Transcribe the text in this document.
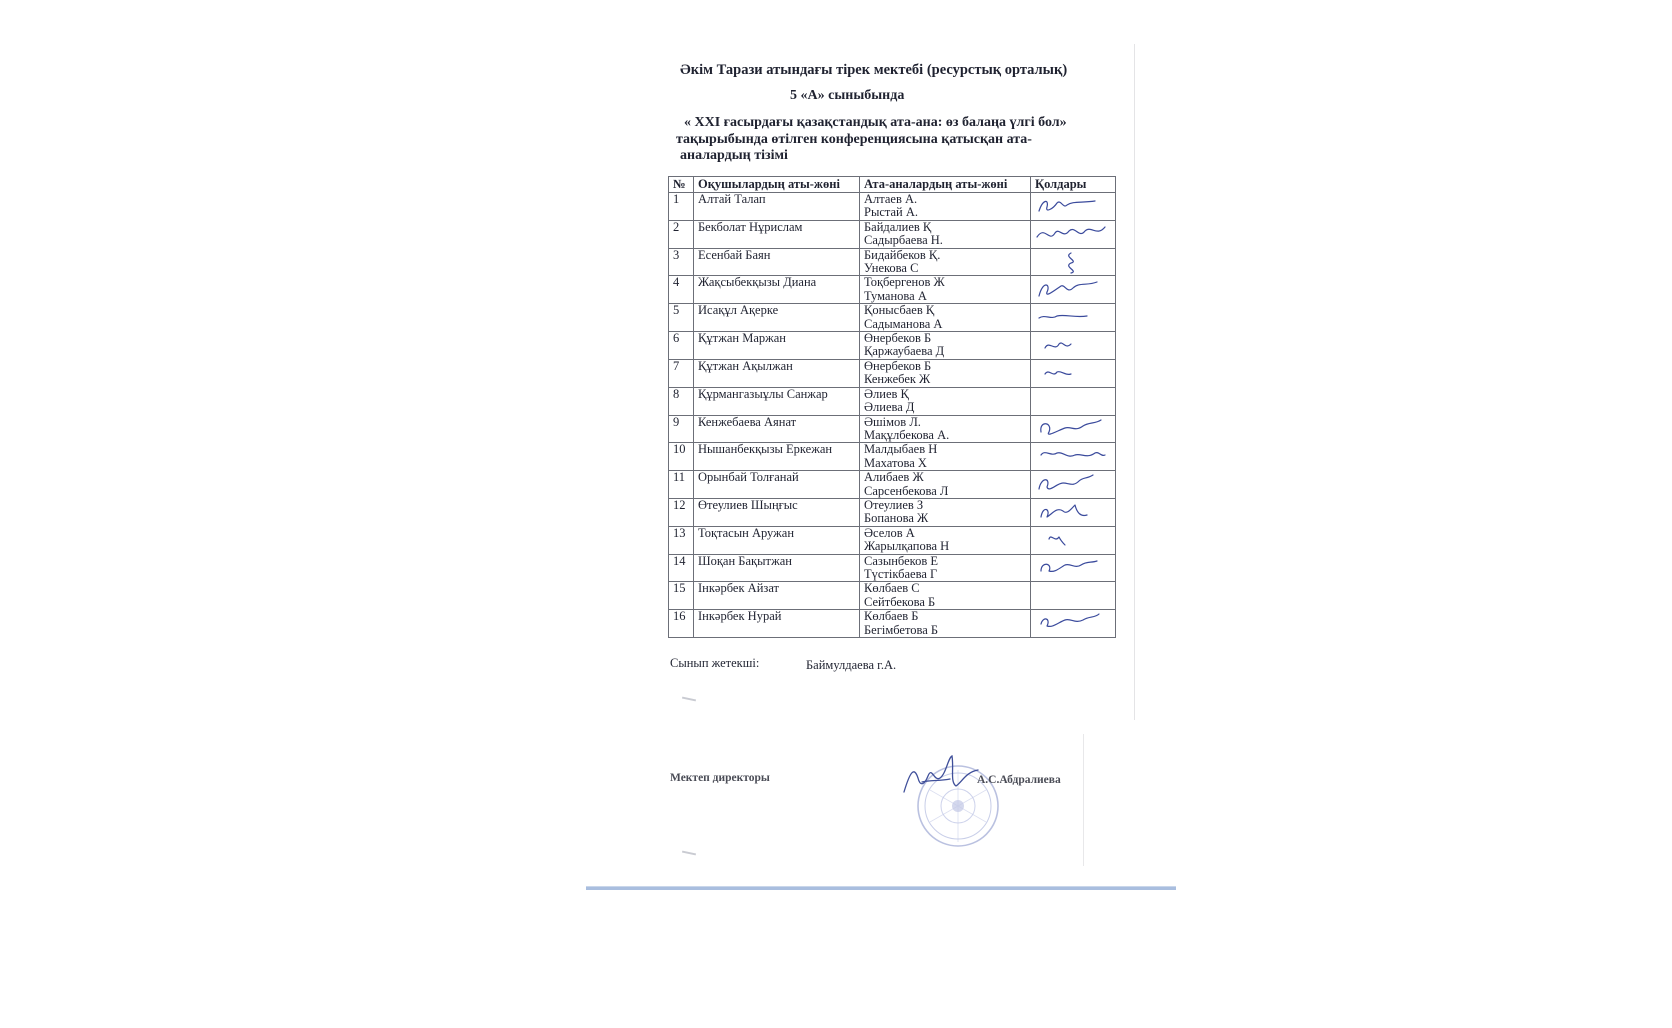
Әкім Тарази атындағы тірек мектебі (ресурстық орталық)
5 «А» сыныбында
« XXI ғасырдағы қазақстандық ата-ана: өз балаңа үлгі бол»
тақырыбында өтілген конференциясына қатысқан ата-
аналардың тізімі
№	Оқушылардың аты-жөні	Ата-аналардың аты-жөні	Қолдары
1	Алтай Талап	Алтаев А.
Рыстай А.

2	Бекболат Нұрислам	Байдалиев Қ
Садырбаева Н.

3	Есенбай Баян	Бидайбеков Қ.
Унекова С

4	Жақсыбекқызы Диана	Тоқбергенов Ж
Туманова А

5	Исақұл Ақерке	Қонысбаев Қ
Садыманова А

6	Құтжан Маржан	Өнербеков Б
Қаржаубаева Д

7	Құтжан Ақылжан	Өнербеков Б
Кенжебек Ж

8	Құрмангазыұлы Санжар	Әлиев Қ
Әлиева Д	

9	Кенжебаева Аянат	Әшімов Л.
Мақұлбекова А.

10	Нышанбекқызы Еркежан	Малдыбаев Н
Махатова Х

11	Орынбай Толғанай	Алибаев Ж
Сарсенбекова Л

12	Өтеулиев Шыңғыс	Отеулиев З
Бопанова Ж

13	Тоқтасын Аружан	Әселов А
Жарылқапова Н

14	Шоқан Бақытжан	Сазынбеков Е
Түстікбаева Г

15	Інкәрбек Айзат	Көлбаев С
Сейтбекова Б	

16	Інкәрбек Нурай	Көлбаев Б
Бегімбетова Б

Сынып жетекші:	Баймулдаева г.А.
Мектеп директоры	А.С.Абдралиева
